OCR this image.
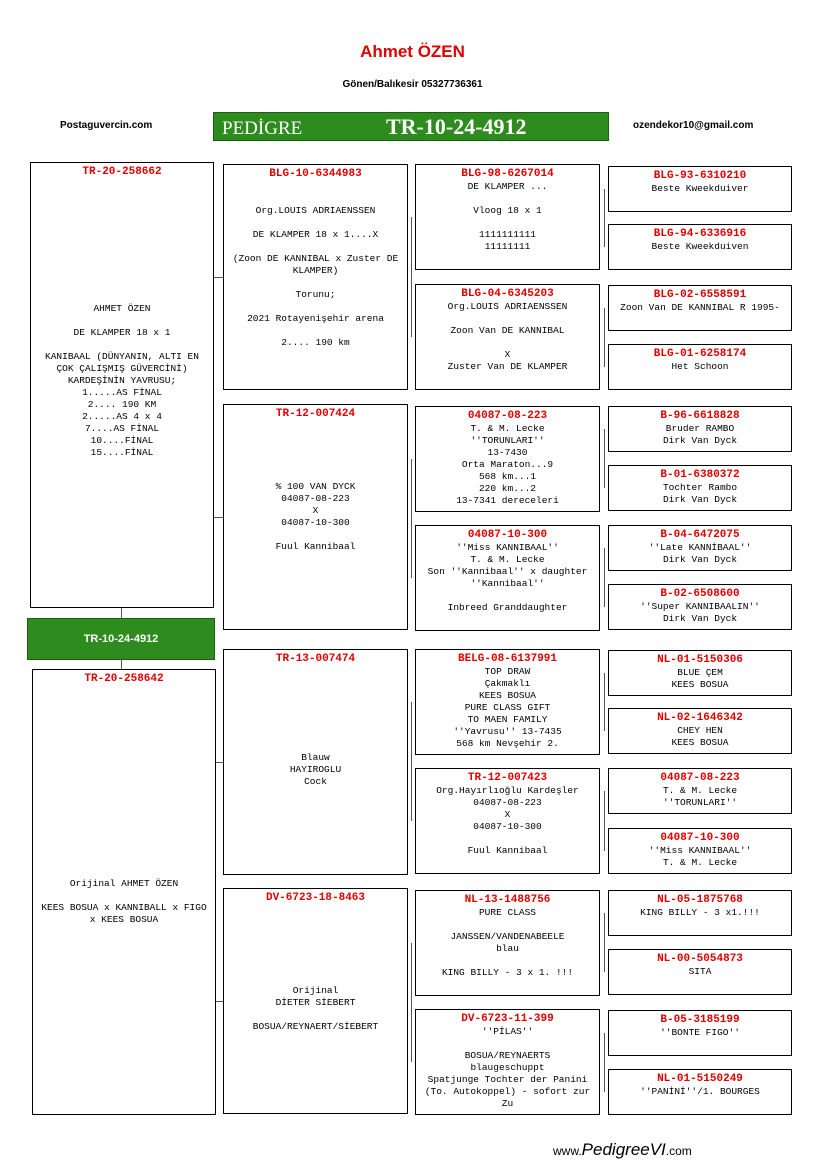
Ahmet ÖZEN
Gönen/Balıkesir 05327736361
Postaguvercin.com	ozendekor10@gmail.com
PEDİGRE	TR-10-24-4912
TR-20-258662
AHMET ÖZEN

DE KLAMPER 18 x 1

KANIBAAL (DÜNYANIN, ALTI EN ÇOK ÇALIŞMIŞ GÜVERCİNİ)
KARDEŞİNİN YAVRUSU;
1.....AS FİNAL
2.... 190 KM
2.....AS 4 x 4
7....AS FİNAL
10....FİNAL
15....FİNAL
TR-10-24-4912
TR-20-258642
Orijinal AHMET ÖZEN

KEES BOSUA x KANNIBALL x FIGO x KEES BOSUA
BLG-10-6344983
Org.LOUIS ADRIAENSSEN

DE KLAMPER 18 x 1....X

(Zoon DE KANNIBAL x Zuster DE KLAMPER)

Torunu;

2021 Rotayenişehir arena

2.... 190 km
TR-12-007424
% 100 VAN DYCK
04087-08-223
X
04087-10-300

Fuul Kannibaal
TR-13-007474
Blauw
HAYIROGLU
Cock
DV-6723-18-8463
Orijinal
DİETER SİEBERT

BOSUA/REYNAERT/SİEBERT
BLG-98-6267014
DE KLAMPER ...

Vloog 18 x 1

1111111111
11111111
BLG-04-6345203
Org.LOUIS ADRIAENSSEN

Zoon Van DE KANNIBAL

X
Zuster Van DE KLAMPER
04087-08-223
T. & M. Lecke
''TORUNLARI''
13-7430
Orta Maraton...9
568 km...1
220 km...2
13-7341 dereceleri
04087-10-300
''Miss KANNIBAAL''
T. & M. Lecke
Son ''Kannibaal'' x daughter
''Kannibaal''

Inbreed Granddaughter
BELG-08-6137991
TOP DRAW
Çakmaklı
KEES BOSUA
PURE CLASS GIFT
TO MAEN FAMILY
''Yavrusu'' 13-7435
568 km Nevşehir 2.
TR-12-007423
Org.Hayırlıoğlu Kardeşler
04087-08-223
X
04087-10-300

Fuul Kannibaal
NL-13-1488756
PURE CLASS

JANSSEN/VANDENABEELE
blau

KING BILLY - 3 x 1. !!!
DV-6723-11-399
''PİLAS''

BOSUA/REYNAERTS
blaugeschuppt
Spatjunge Tochter der Panini (To. Autokoppel) - sofort zur Zu
BLG-93-6310210
Beste Kweekduiver
BLG-94-6336916
Beste Kweekduiven
BLG-02-6558591
Zoon Van DE KANNIBAL R 1995-
BLG-01-6258174
Het Schoon
B-96-6618828
Bruder RAMBO
Dirk Van Dyck
B-01-6380372
Tochter Rambo
Dirk Van Dyck
B-04-6472075
''Late KANNİBAAL''
Dirk Van Dyck
B-02-6508600
''Super KANNIBAALIN''
Dirk Van Dyck
NL-01-5150306
BLUE ÇEM
KEES BOSUA
NL-02-1646342
CHEY HEN
KEES BOSUA
04087-08-223
T. & M. Lecke
''TORUNLARI''
04087-10-300
''Miss KANNIBAAL''
T. & M. Lecke
NL-05-1875768
KING BILLY - 3 x1.!!!
NL-00-5054873
SITA
B-05-3185199
''BONTE FIGO''
NL-01-5150249
''PANİNİ''/1. BOURGES
www.PedigreeVI.com
